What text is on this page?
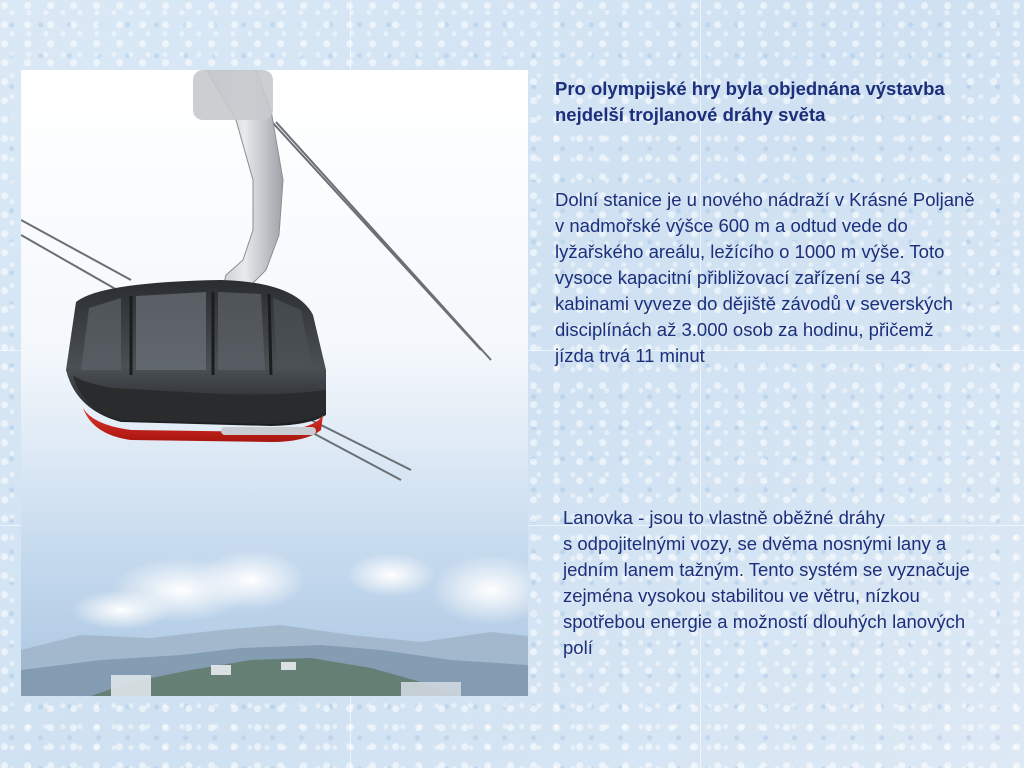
Pro olympijské hry byla objednána výstavba nejdelší trojlanové dráhy světa

Dolní stanice je u nového nádraží v Krásné Poljaně v nadmořské výšce 600 m a odtud vede do lyžařského areálu, ležícího o 1000 m výše. Toto vysoce kapacitní přibližovací zařízení se 43 kabinami vyveze do dějiště závodů v severských disciplínách až 3.000 osob za hodinu, přičemž jízda trvá 11 minut

Lanovka - jsou to vlastně oběžné dráhy s odpojitelnými vozy, se dvěma nosnými lany a jedním lanem tažným. Tento systém se vyznačuje zejména vysokou stabilitou ve větru, nízkou spotřebou energie a možností dlouhých lanových polí
